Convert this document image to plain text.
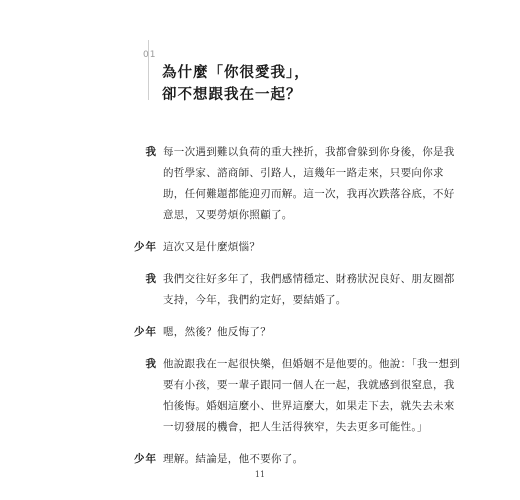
01
為什麼「你很愛我」，
卻不想跟我在一起？
我 每一次遇到難以負荷的重大挫折，我都會躲到你身後，你是我
的哲學家、諮商師、引路人，這幾年一路走來，只要向你求
助，任何難題都能迎刃而解。這一次，我再次跌落谷底，不好
意思，又要勞煩你照顧了。
少年 這次又是什麼煩惱？
我 我們交往好多年了，我們感情穩定、財務狀況良好、朋友圈都
支持，今年，我們約定好，要結婚了。
少年 嗯，然後？他反悔了？
我 他說跟我在一起很快樂，但婚姻不是他要的。他說：「我一想到
要有小孩，要一輩子跟同一個人在一起，我就感到很窒息，我
怕後悔。婚姻這麼小、世界這麼大，如果走下去，就失去未來
一切發展的機會，把人生活得狹窄，失去更多可能性。」
少年 理解。結論是，他不要你了。
11
